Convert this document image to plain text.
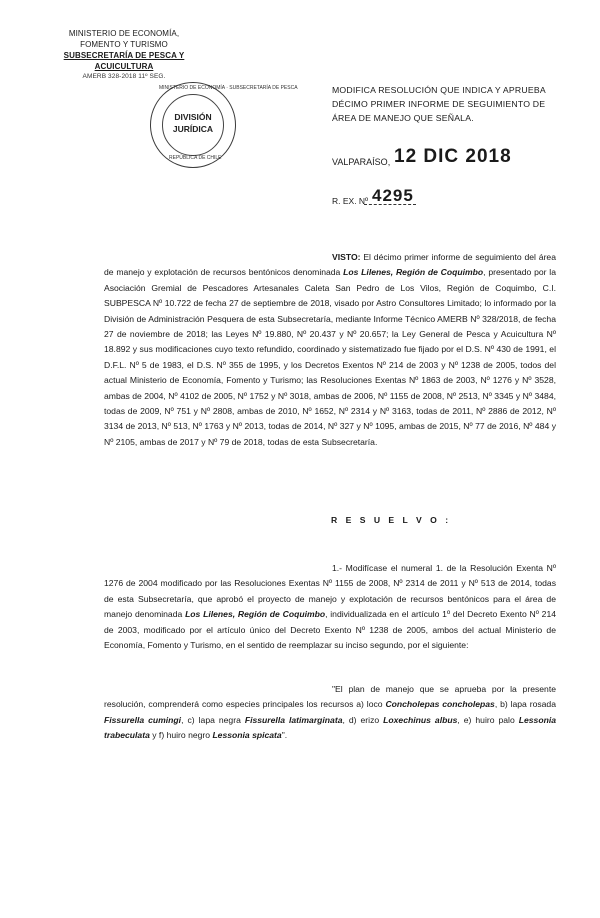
MINISTERIO DE ECONOMÍA,
FOMENTO Y TURISMO
SUBSECRETARÍA DE PESCA Y ACUICULTURA
AMERB 328-2018 11º SEG.
MINISTERIO DE ECONOMÍA · SUBSECRETARÍA DE PESCA
REPÚBLICA DE CHILE
DIVISIÓN
JURÍDICA
MODIFICA RESOLUCIÓN QUE INDICA Y APRUEBA DÉCIMO PRIMER INFORME DE SEGUIMIENTO DE ÁREA DE MANEJO QUE SEÑALA.
VALPARAÍSO, 12 DIC 2018
R. EX. Nº 4295
VISTO: El décimo primer informe de seguimiento del área de manejo y explotación de recursos bentónicos denominada Los Lilenes, Región de Coquimbo, presentado por la Asociación Gremial de Pescadores Artesanales Caleta San Pedro de Los Vilos, Región de Coquimbo, C.I. SUBPESCA Nº 10.722 de fecha 27 de septiembre de 2018, visado por Astro Consultores Limitado; lo informado por la División de Administración Pesquera de esta Subsecretaría, mediante Informe Técnico AMERB Nº 328/2018, de fecha 27 de noviembre de 2018; las Leyes Nº 19.880, Nº 20.437 y Nº 20.657; la Ley General de Pesca y Acuicultura Nº 18.892 y sus modificaciones cuyo texto refundido, coordinado y sistematizado fue fijado por el D.S. Nº 430 de 1991, el D.F.L. Nº 5 de 1983, el D.S. Nº 355 de 1995, y los Decretos Exentos Nº 214 de 2003 y Nº 1238 de 2005, todos del actual Ministerio de Economía, Fomento y Turismo; las Resoluciones Exentas Nº 1863 de 2003, Nº 1276 y Nº 3528, ambas de 2004, Nº 4102 de 2005, Nº 1752 y Nº 3018, ambas de 2006, Nº 1155 de 2008, Nº 2513, Nº 3345 y Nº 3484, todas de 2009, Nº 751 y Nº 2808, ambas de 2010, Nº 1652, Nº 2314 y Nº 3163, todas de 2011, Nº 2886 de 2012, Nº 3134 de 2013, Nº 513, Nº 1763 y Nº 2013, todas de 2014, Nº 327 y Nº 1095, ambas de 2015, Nº 77 de 2016, Nº 484 y Nº 2105, ambas de 2017 y Nº 79 de 2018, todas de esta Subsecretaría.
R E S U E L V O :
1.- Modifícase el numeral 1. de la Resolución Exenta Nº 1276 de 2004 modificado por las Resoluciones Exentas Nº 1155 de 2008, Nº 2314 de 2011 y Nº 513 de 2014, todas de esta Subsecretaría, que aprobó el proyecto de manejo y explotación de recursos bentónicos para el área de manejo denominada Los Lilenes, Región de Coquimbo, individualizada en el artículo 1º del Decreto Exento Nº 214 de 2003, modificado por el artículo único del Decreto Exento Nº 1238 de 2005, ambos del actual Ministerio de Economía, Fomento y Turismo, en el sentido de reemplazar su inciso segundo, por el siguiente:
"El plan de manejo que se aprueba por la presente resolución, comprenderá como especies principales los recursos a) loco Concholepas concholepas, b) lapa rosada Fissurella cumingi, c) lapa negra Fissurella latimarginata, d) erizo Loxechinus albus, e) huiro palo Lessonia trabeculata y f) huiro negro Lessonia spicata".
